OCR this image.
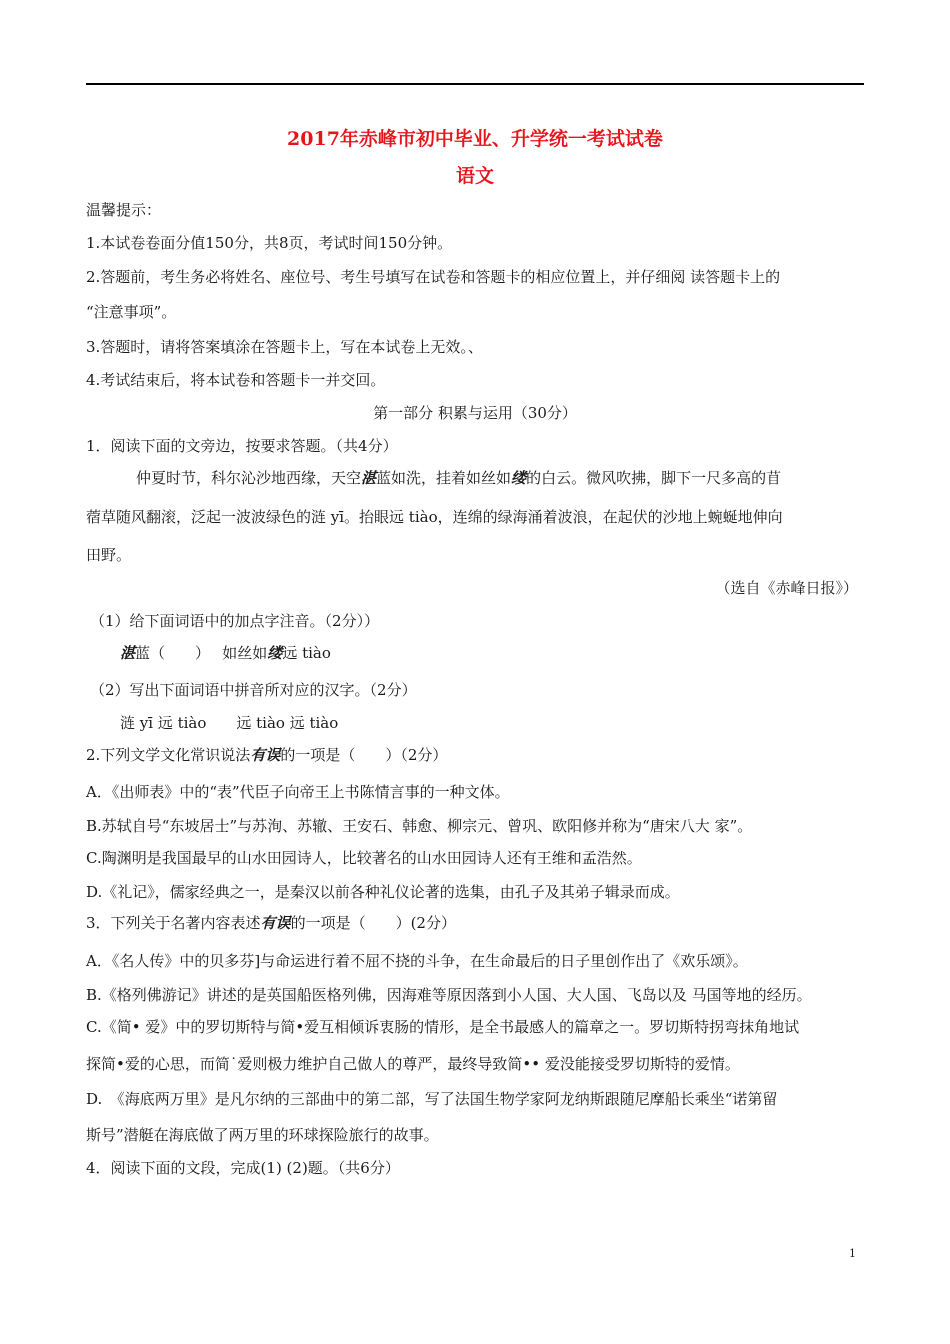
2017年赤峰市初中毕业、升学统一考试试卷
语文
温馨提示：
1.本试卷卷面分值150分，共8页，考试时间150分钟。
2.答题前，考生务必将姓名、座位号、考生号填写在试卷和答题卡的相应位置上，并仔细阅 读答题卡上的
“注意事项”。
3.答题时，请将答案填涂在答题卡上，写在本试卷上无效。、
4.考试结束后，将本试卷和答题卡一并交回。
第一部分 积累与运用（30分）
1．阅读下面的文旁边，按要求答题。（共4分）
仲夏时节，科尔沁沙地西缘，天空湛蓝如洗，挂着如丝如缕的白云。微风吹拂，脚下一尺多高的苜
蓿草随风翻滚，泛起一波波绿色的涟 yī。抬眼远 tiào，连绵的绿海涌着波浪，在起伏的沙地上蜿蜒地伸向
田野。
（选自《赤峰日报》）
（1）给下面词语中的加点字注音。（2分））
湛蓝（　　）　 如丝如缕远 tiào
（2）写出下面词语中拼音所对应的汉字。（2分）
涟 yī 远 tiào　　远 tiào 远 tiào
2.下列文学文化常识说法有误的一项是（　　）（2分）
A．《出师表》中的“表”代臣子向帝王上书陈情言事的一种文体。
B.苏轼自号“东坡居士”与苏洵、苏辙、王安石、韩愈、柳宗元、曾巩、欧阳修并称为“唐宋八大 家”。
C.陶渊明是我国最早的山水田园诗人，比较著名的山水田园诗人还有王维和孟浩然。
D.《礼记》，儒家经典之一，是秦汉以前各种礼仪论著的选集，由孔子及其弟子辑录而成。
3．下列关于名著内容表述有误的一项是（　　）(2分）
A．《名人传》中的贝多芬]与命运进行着不屈不挠的斗争，在生命最后的日子里创作出了《欢乐颂》。
B.《格列佛游记》讲述的是英国船医格列佛，因海难等原因落到小人国、大人国、飞岛以及 马国等地的经历。
C.《简• 爱》中的罗切斯特与简•爱互相倾诉衷肠的情形，是全书最感人的篇章之一。罗切斯特拐弯抹角地试
探简•爱的心思，而简˙爱则极力维护自己做人的尊严，最终导致简•• 爱没能接受罗切斯特的爱情。
D.　《海底两万里》是凡尔纳的三部曲中的第二部，写了法国生物学家阿龙纳斯跟随尼摩船长乘坐“诺第留
斯号”潜艇在海底做了两万里的环球探险旅行的故事。
4．阅读下面的文段，完成(1) (2)题。（共6分）
1
